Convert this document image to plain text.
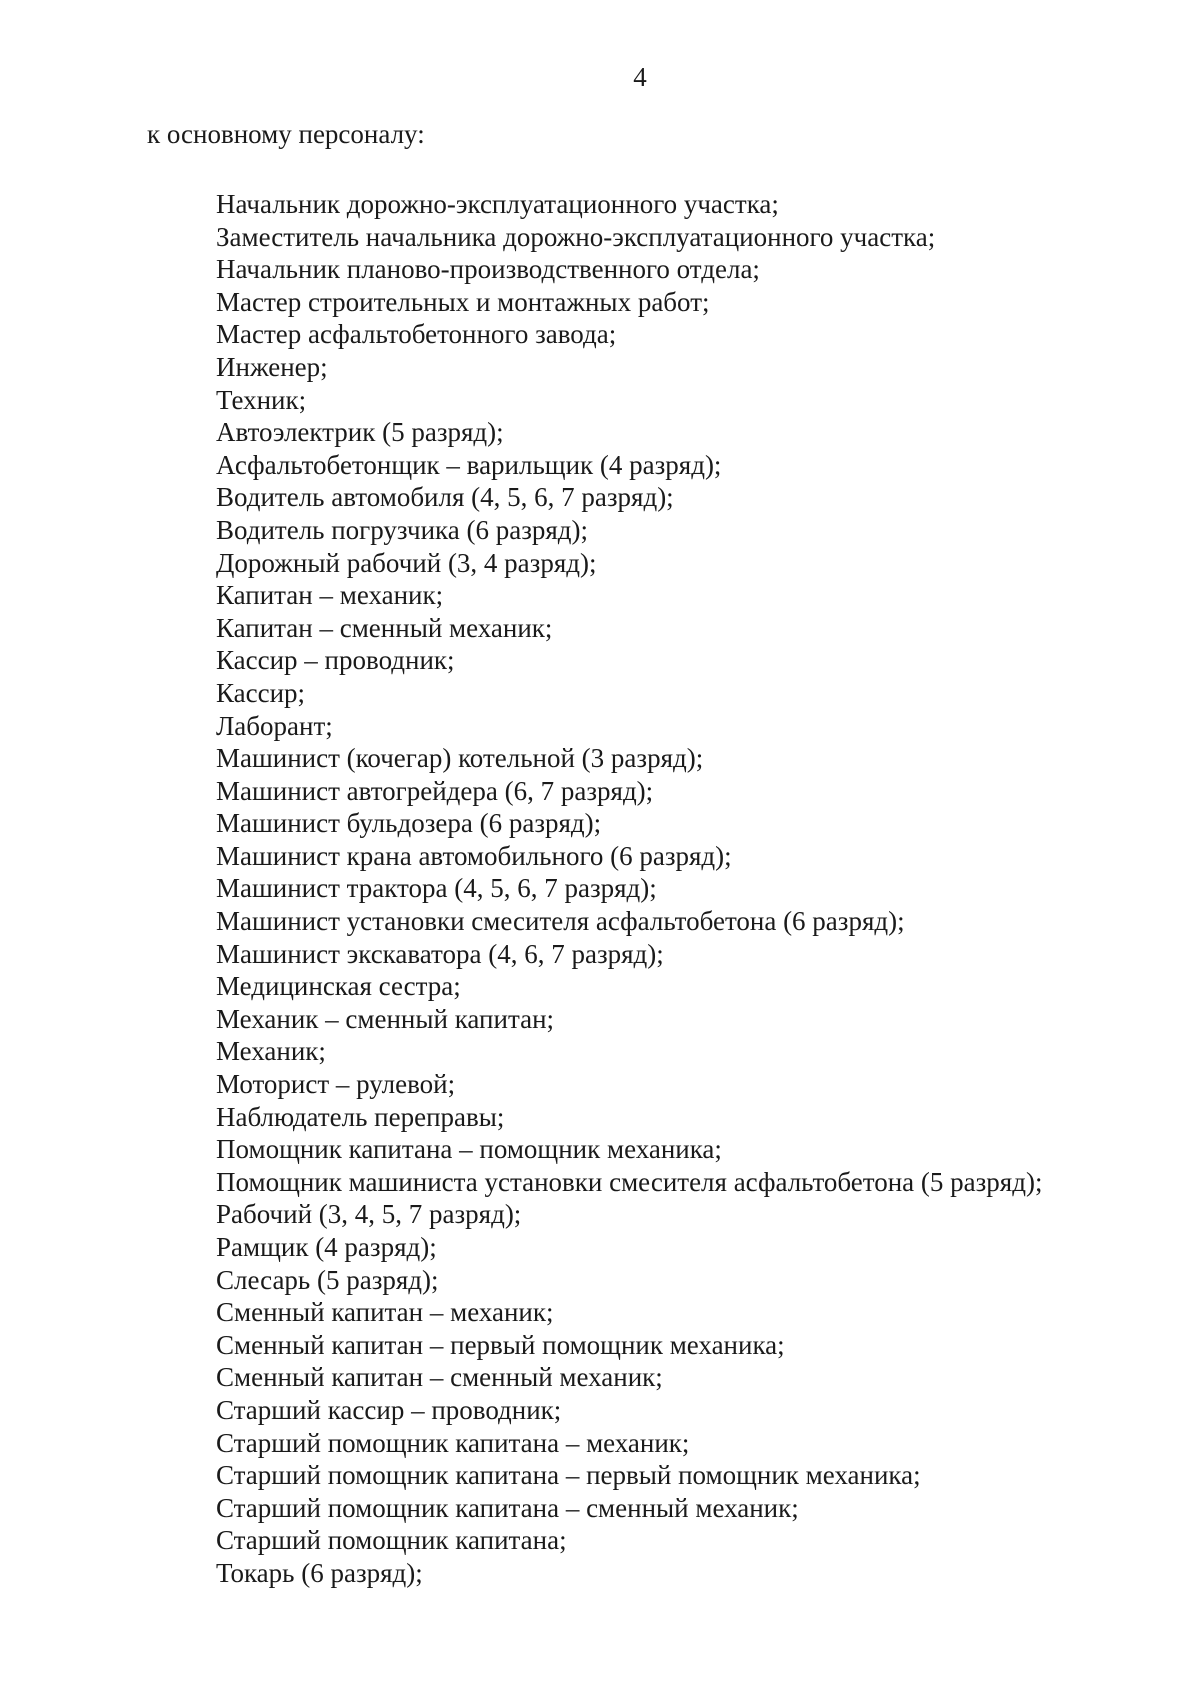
4
к основному персоналу:
Начальник дорожно-эксплуатационного участка;
Заместитель начальника дорожно-эксплуатационного участка;
Начальник планово-производственного отдела;
Мастер строительных и монтажных работ;
Мастер асфальтобетонного завода;
Инженер;
Техник;
Автоэлектрик (5 разряд);
Асфальтобетонщик – варильщик (4 разряд);
Водитель автомобиля (4, 5, 6, 7 разряд);
Водитель погрузчика (6 разряд);
Дорожный рабочий (3, 4 разряд);
Капитан – механик;
Капитан – сменный механик;
Кассир – проводник;
Кассир;
Лаборант;
Машинист (кочегар) котельной (3 разряд);
Машинист автогрейдера (6, 7 разряд);
Машинист бульдозера (6 разряд);
Машинист крана автомобильного (6 разряд);
Машинист трактора (4, 5, 6, 7 разряд);
Машинист установки смесителя асфальтобетона (6 разряд);
Машинист экскаватора (4, 6, 7 разряд);
Медицинская сестра;
Механик – сменный капитан;
Механик;
Моторист – рулевой;
Наблюдатель переправы;
Помощник капитана – помощник механика;
Помощник машиниста установки смесителя асфальтобетона (5 разряд);
Рабочий (3, 4, 5, 7 разряд);
Рамщик (4 разряд);
Слесарь (5 разряд);
Сменный капитан – механик;
Сменный капитан – первый помощник механика;
Сменный капитан – сменный механик;
Старший кассир – проводник;
Старший помощник капитана – механик;
Старший помощник капитана – первый помощник механика;
Старший помощник капитана – сменный механик;
Старший помощник капитана;
Токарь (6 разряд);
